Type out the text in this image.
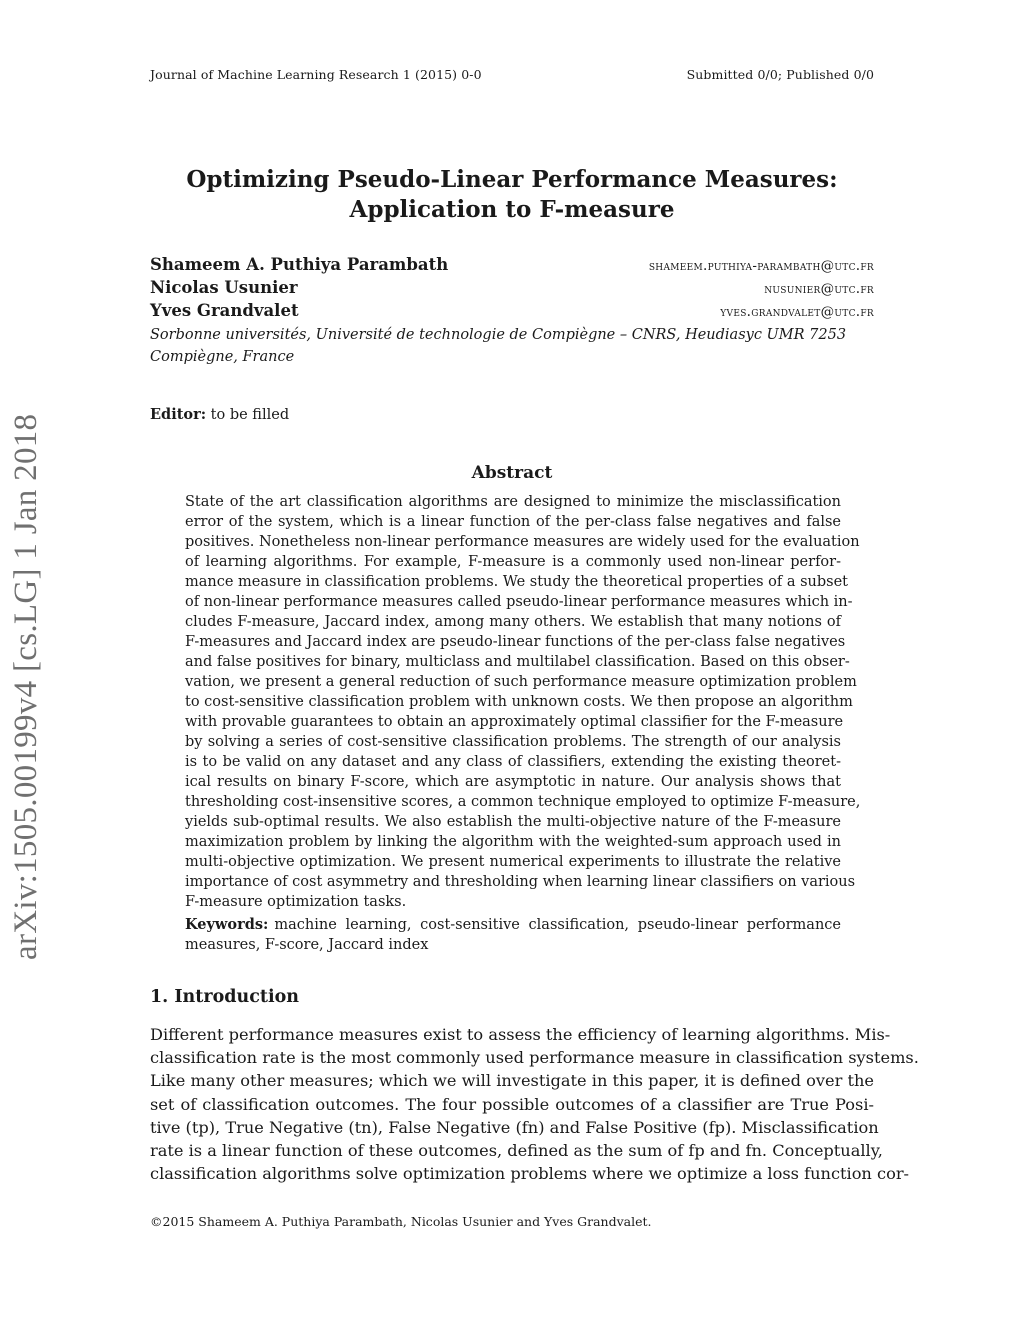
Journal of Machine Learning Research 1 (2015) 0-0	Submitted 0/0; Published 0/0
arXiv:1505.00199v4 [cs.LG] 1 Jan 2018
Optimizing Pseudo-Linear Performance Measures:
Application to F-measure
Shameem A. Puthiya Parambath	shameem.puthiya-parambath@utc.fr
Nicolas Usunier	nusunier@utc.fr
Yves Grandvalet	yves.grandvalet@utc.fr
Sorbonne universités, Université de technologie de Compiègne – CNRS, Heudiasyc UMR 7253
Compiègne, France
Editor: to be filled
Abstract
State of the art classification algorithms are designed to minimize the misclassification
error of the system, which is a linear function of the per-class false negatives and false
positives. Nonetheless non-linear performance measures are widely used for the evaluation
of learning algorithms. For example, F-measure is a commonly used non-linear perfor-
mance measure in classification problems. We study the theoretical properties of a subset
of non-linear performance measures called pseudo-linear performance measures which in-
cludes F-measure, Jaccard index, among many others. We establish that many notions of
F-measures and Jaccard index are pseudo-linear functions of the per-class false negatives
and false positives for binary, multiclass and multilabel classification. Based on this obser-
vation, we present a general reduction of such performance measure optimization problem
to cost-sensitive classification problem with unknown costs. We then propose an algorithm
with provable guarantees to obtain an approximately optimal classifier for the F-measure
by solving a series of cost-sensitive classification problems. The strength of our analysis
is to be valid on any dataset and any class of classifiers, extending the existing theoret-
ical results on binary F-score, which are asymptotic in nature. Our analysis shows that
thresholding cost-insensitive scores, a common technique employed to optimize F-measure,
yields sub-optimal results. We also establish the multi-objective nature of the F-measure
maximization problem by linking the algorithm with the weighted-sum approach used in
multi-objective optimization. We present numerical experiments to illustrate the relative
importance of cost asymmetry and thresholding when learning linear classifiers on various
F-measure optimization tasks.
Keywords: machine learning, cost-sensitive classification, pseudo-linear performance
measures, F-score, Jaccard index
1. Introduction
Different performance measures exist to assess the efficiency of learning algorithms. Mis-
classification rate is the most commonly used performance measure in classification systems.
Like many other measures; which we will investigate in this paper, it is defined over the
set of classification outcomes. The four possible outcomes of a classifier are True Posi-
tive (tp), True Negative (tn), False Negative (fn) and False Positive (fp). Misclassification
rate is a linear function of these outcomes, defined as the sum of fp and fn. Conceptually,
classification algorithms solve optimization problems where we optimize a loss function cor-
©2015 Shameem A. Puthiya Parambath, Nicolas Usunier and Yves Grandvalet.
